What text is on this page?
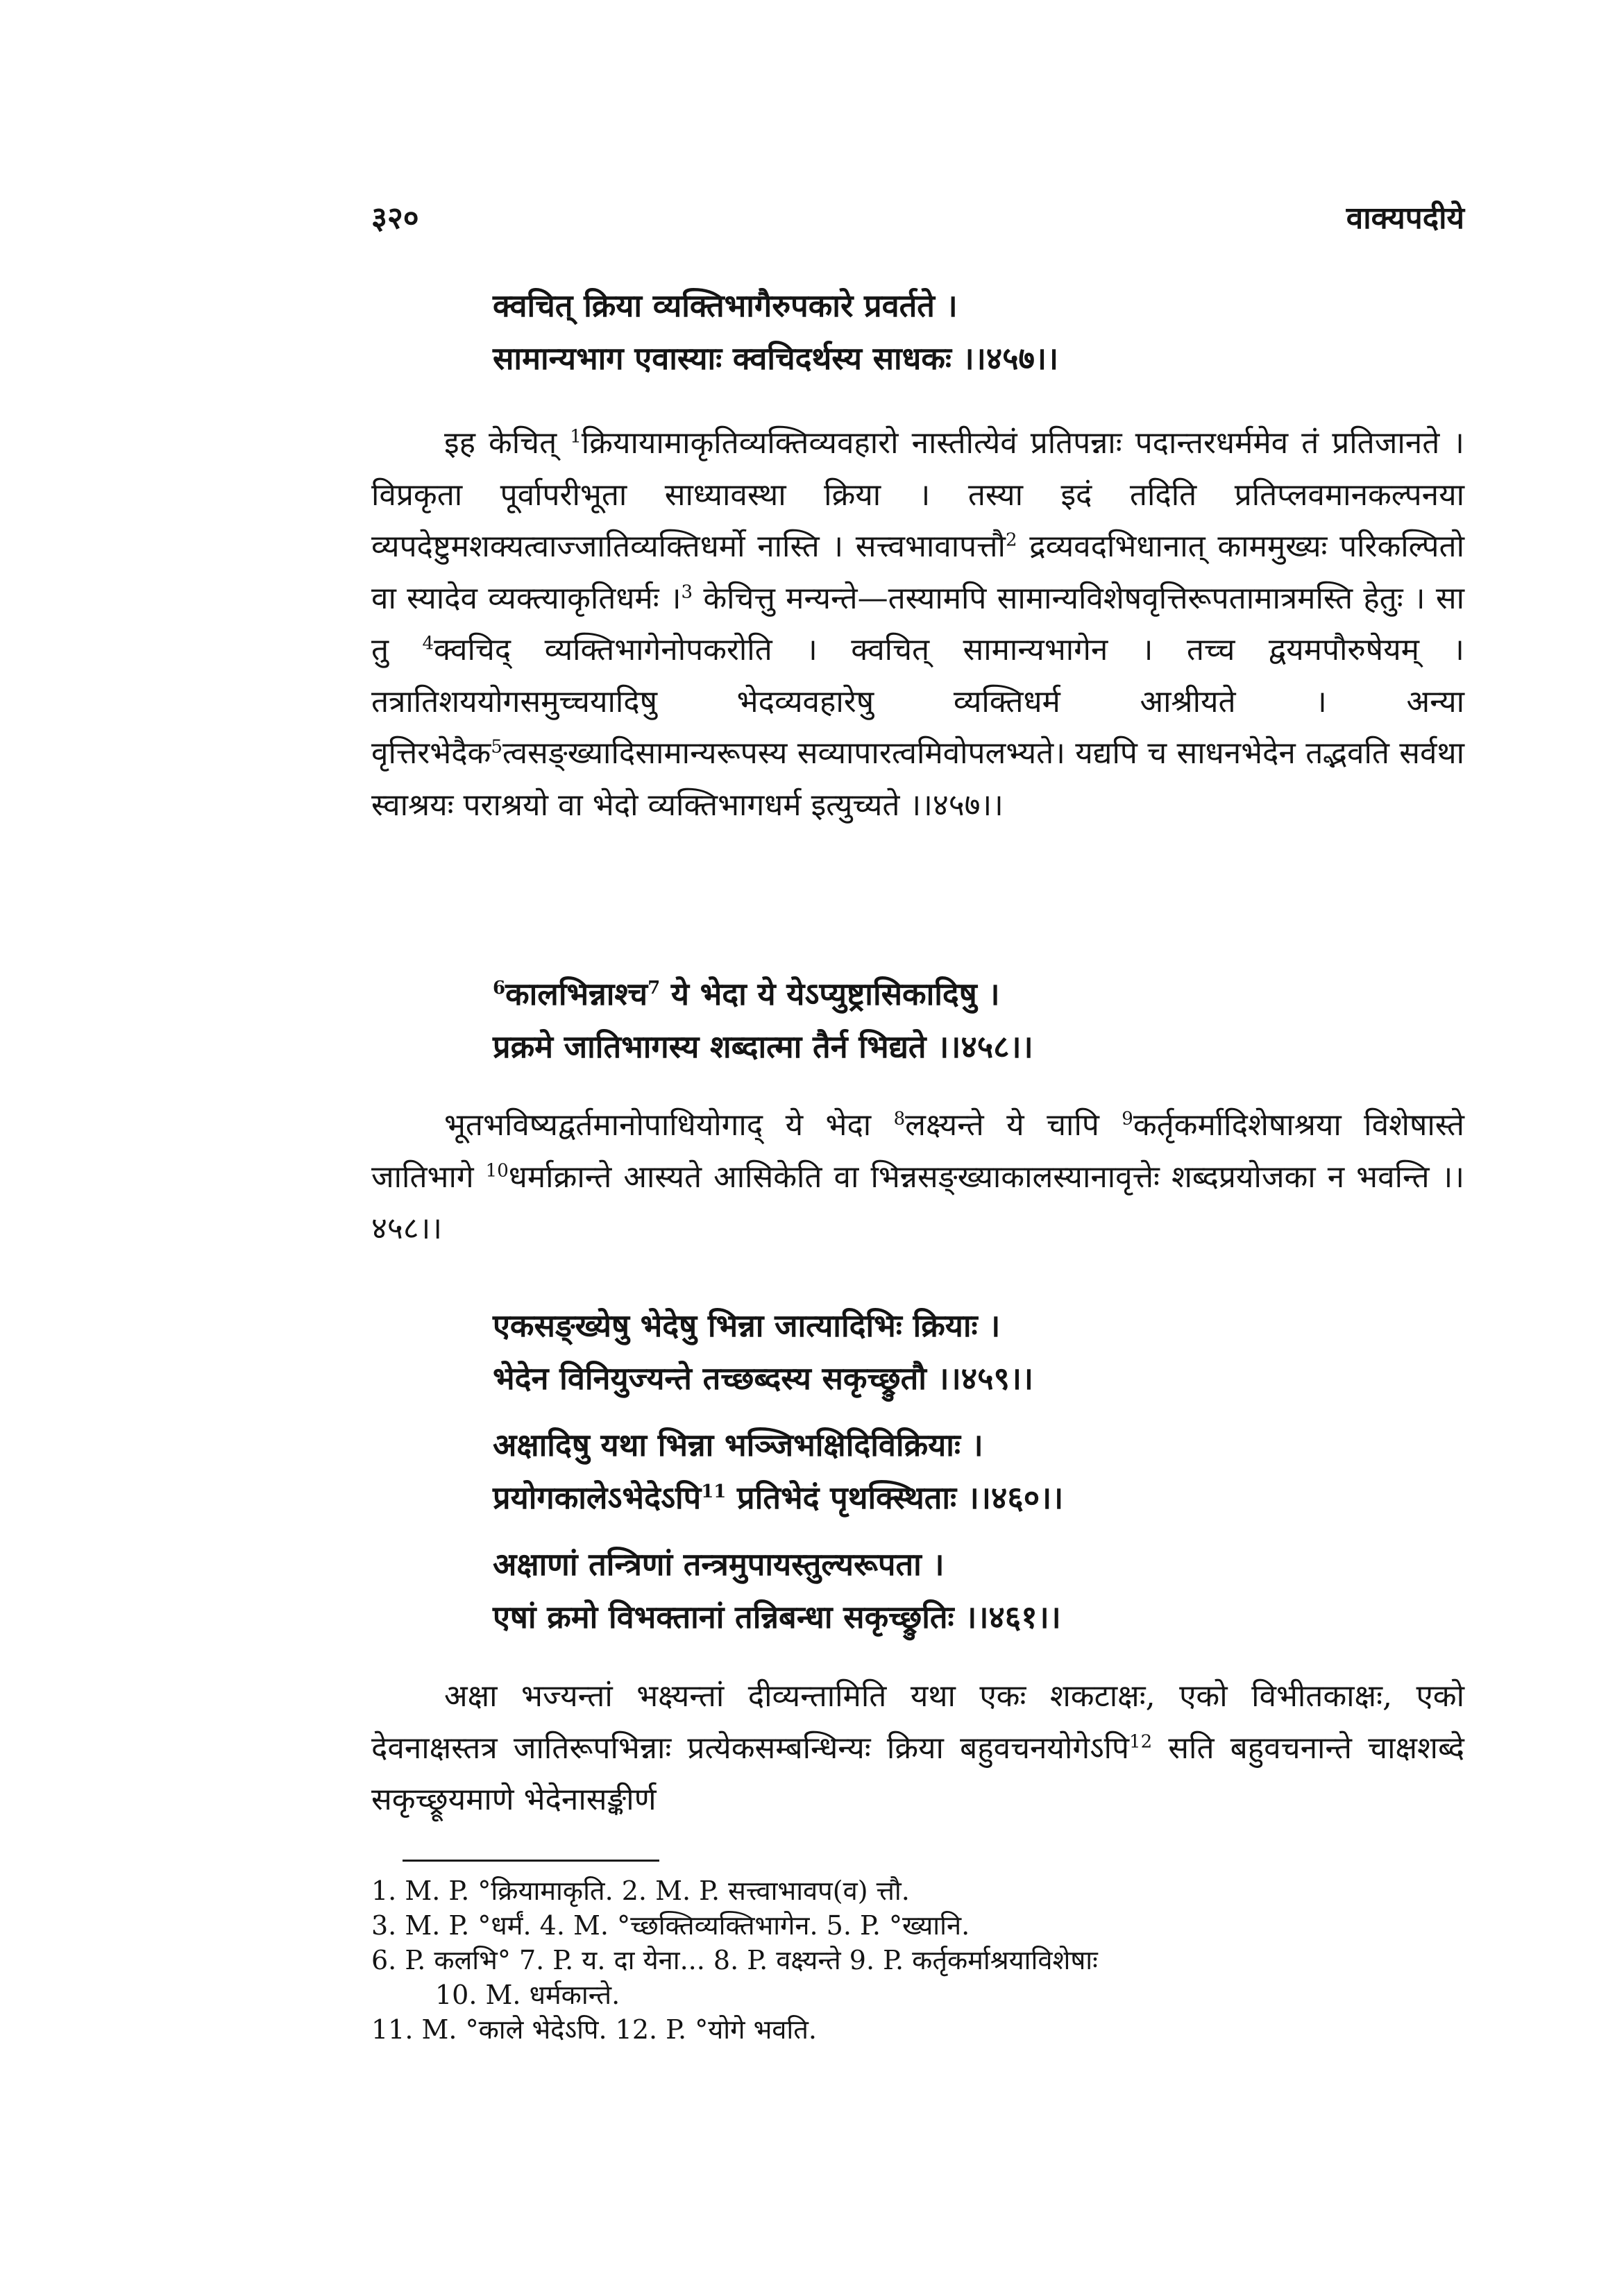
३२०	वाक्यपदीये

क्वचित् क्रिया व्यक्तिभागैरुपकारे प्रवर्तते ।

सामान्यभाग एवास्याः क्वचिदर्थस्य साधकः ।।४५७।।

इह केचित् $^1$क्रियायामाकृतिव्यक्तिव्यवहारो नास्तीत्येवं प्रतिपन्नाः पदान्तरधर्ममेव तं प्रतिजानते । विप्रकृता पूर्वापरीभूता साध्यावस्था क्रिया । तस्या इदं तदिति प्रतिप्लवमानकल्पनया व्यपदेष्टुमशक्यत्वाज्जातिव्यक्तिधर्मो नास्ति । सत्त्वभावापत्तौ$^2$ द्रव्यवदभिधानात् काममुख्यः परिकल्पितो वा स्यादेव व्यक्त्याकृतिधर्मः ।$^3$ केचित्तु मन्यन्ते—तस्यामपि सामान्यविशेषवृत्तिरूपतामात्रमस्ति हेतुः । सा तु $^4$क्वचिद् व्यक्तिभागेनोपकरोति । क्वचित् सामान्यभागेन । तच्च द्वयमपौरुषेयम् । तत्रातिशययोगसमुच्चयादिषु भेदव्यवहारेषु व्यक्तिधर्म आश्रीयते । अन्या वृत्तिरभेदैक$^5$त्वसङ्ख्यादिसामान्यरूपस्य सव्यापारत्वमिवोपलभ्यते। यद्यपि च साधनभेदेन तद्भवति सर्वथा स्वाश्रयः पराश्रयो वा भेदो व्यक्तिभागधर्म इत्युच्यते ।।४५७।।

$^6$कालभिन्नाश्च$^7$ ये भेदा ये येऽप्युष्ट्रासिकादिषु ।

प्रक्रमे जातिभागस्य शब्दात्मा तैर्न भिद्यते ।।४५८।।

भूतभविष्यद्वर्तमानोपाधियोगाद् ये भेदा $^8$लक्ष्यन्ते ये चापि $^9$कर्तृकर्मादिशेषाश्रया विशेषास्ते जातिभागे $^{10}$धर्माक्रान्ते आस्यते आसिकेति वा भिन्नसङ्ख्याकालस्यानावृत्तेः शब्दप्रयोजका न भवन्ति ।।४५८।।

एकसङ्ख्येषु भेदेषु भिन्ना जात्यादिभिः क्रियाः ।

भेदेन विनियुज्यन्ते तच्छब्दस्य सकृच्छ्रुतौ ।।४५९।।

अक्षादिषु यथा भिन्ना भञ्जिभक्षिदिविक्रियाः ।

प्रयोगकालेऽभेदेऽपि$^{11}$ प्रतिभेदं पृथक्स्थिताः ।।४६०।।

अक्षाणां तन्त्रिणां तन्त्रमुपायस्तुल्यरूपता ।

एषां क्रमो विभक्तानां तन्निबन्धा सकृच्छ्रुतिः ।।४६१।।

अक्षा भज्यन्तां भक्ष्यन्तां दीव्यन्तामिति यथा एकः शकटाक्षः, एको विभीतकाक्षः, एको देवनाक्षस्तत्र जातिरूपभिन्नाः प्रत्येकसम्बन्धिन्यः क्रिया बहुवचनयोगेऽपि$^{12}$ सति बहुवचनान्ते चाक्षशब्दे सकृच्छ्रूयमाणे भेदेनासङ्कीर्ण

1. M. P. °क्रियामाकृति. 2. M. P. सत्त्वाभावप(व) त्तौ.

3. M. P. °धर्मं. 4. M. °च्छक्तिव्यक्तिभागेन. 5. P. °ख्यानि.

6. P. कलभि° 7. P. य. दा येना... 8. P. वक्ष्यन्ते 9. P. कर्तृकर्माश्रयाविशेषाः

10. M. धर्मकान्ते.

11. M. °काले भेदेऽपि. 12. P. °योगे भवति.
